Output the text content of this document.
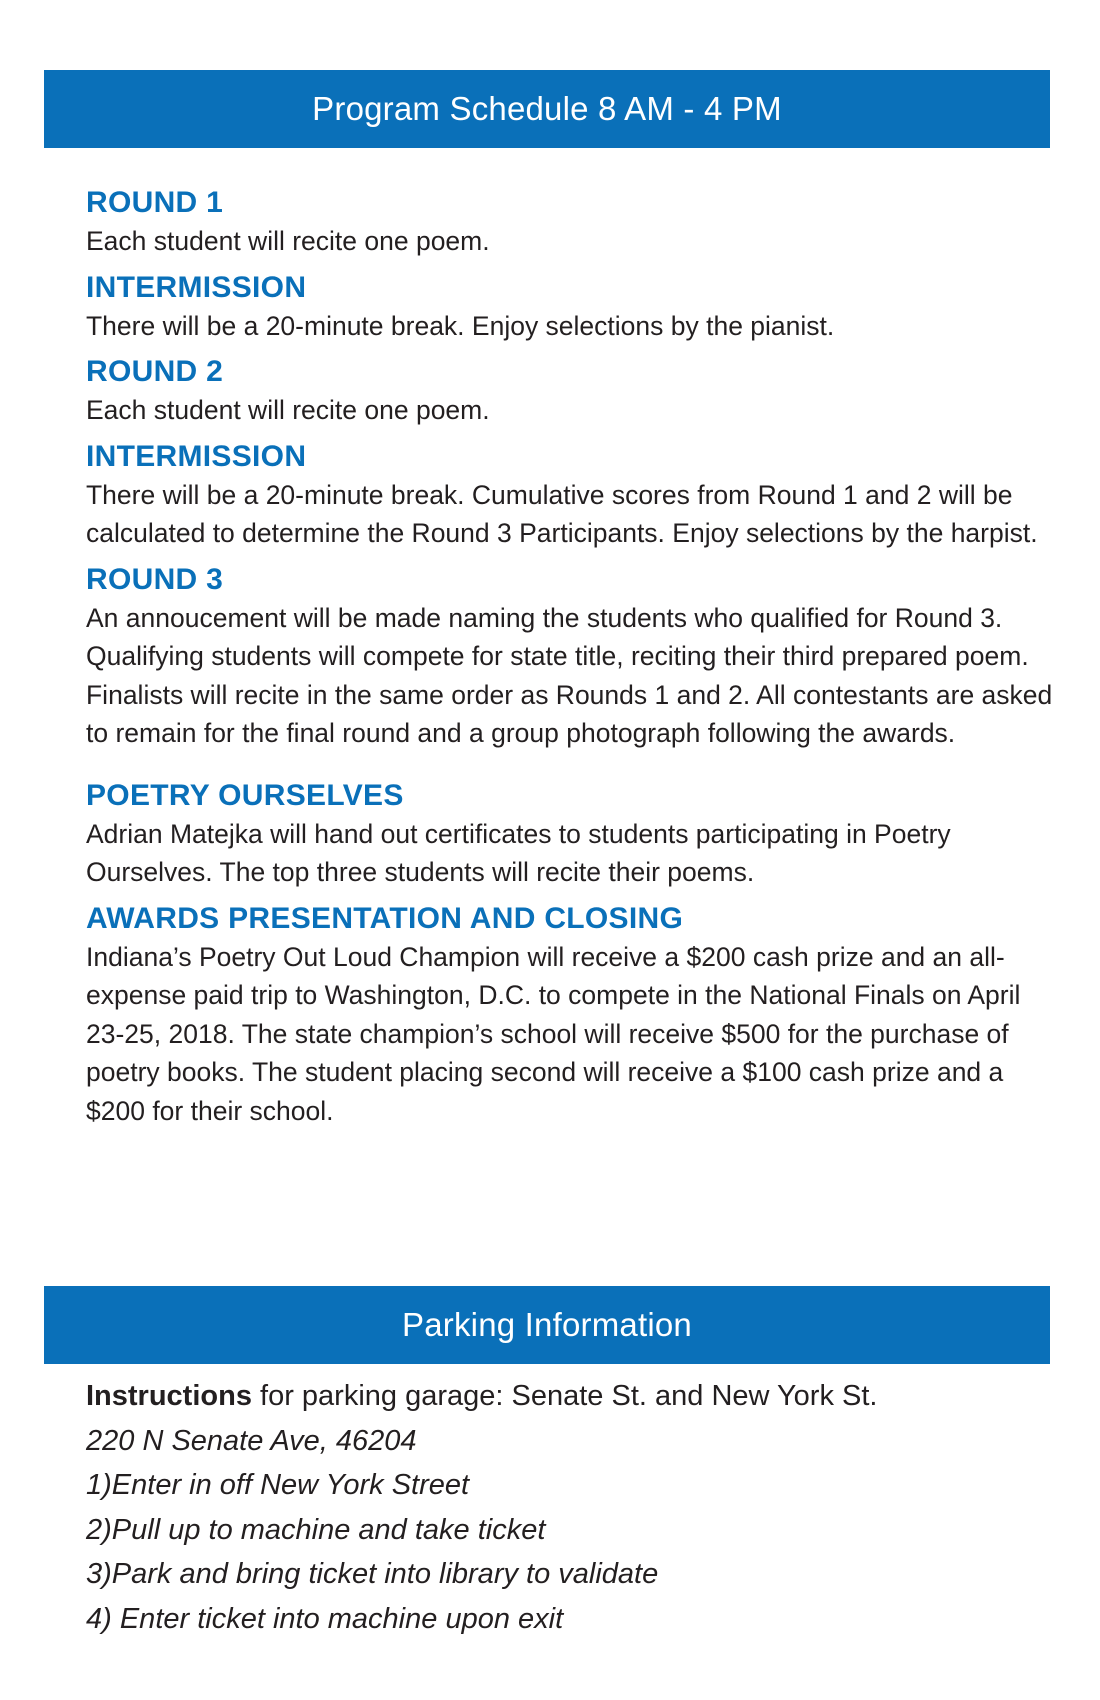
Program Schedule 8 AM - 4 PM

ROUND 1

Each student will recite one poem.

INTERMISSION

There will be a 20-minute break. Enjoy selections by the pianist.

ROUND 2

Each student will recite one poem.

INTERMISSION

There will be a 20-minute break. Cumulative scores from Round 1 and 2 will be calculated to determine the Round 3 Participants. Enjoy selections by the harpist.

ROUND 3

An annoucement will be made naming the students who qualified for Round 3. Qualifying students will compete for state title, reciting their third prepared poem. Finalists will recite in the same order as Rounds 1 and 2. All contestants are asked to remain for the final round and a group photograph following the awards.

POETRY OURSELVES

Adrian Matejka will hand out certificates to students participating in Poetry Ourselves. The top three students will recite their poems.

AWARDS PRESENTATION AND CLOSING

Indiana’s Poetry Out Loud Champion will receive a $200 cash prize and an all-expense paid trip to Washington, D.C. to compete in the National Finals on April 23-25, 2018. The state champion’s school will receive $500 for the purchase of poetry books. The student placing second will receive a $100 cash prize and a $200 for their school.

Parking Information

Instructions for parking garage: Senate St. and New York St.

220 N Senate Ave, 46204

1)Enter in off New York Street

2)Pull up to machine and take ticket

3)Park and bring ticket into library to validate

4) Enter ticket into machine upon exit
